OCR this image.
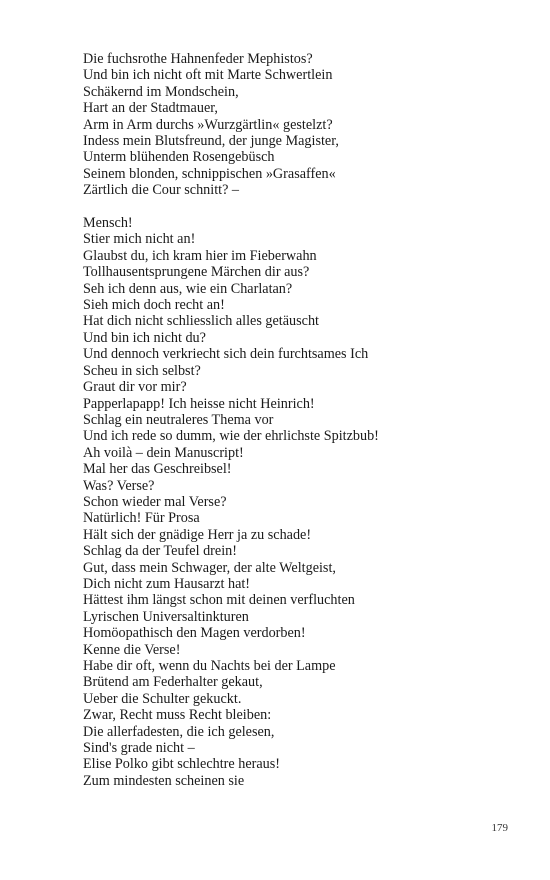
Die fuchsrothe Hahnenfeder Mephistos?
Und bin ich nicht oft mit Marte Schwertlein
Schäkernd im Mondschein,
Hart an der Stadtmauer,
Arm in Arm durchs »Wurzgärtlin« gestelzt?
Indess mein Blutsfreund, der junge Magister,
Unterm blühenden Rosengebüsch
Seinem blonden, schnippischen »Grasaffen«
Zärtlich die Cour schnitt? –
Mensch!
Stier mich nicht an!
Glaubst du, ich kram hier im Fieberwahn
Tollhausentsprungene Märchen dir aus?
Seh ich denn aus, wie ein Charlatan?
Sieh mich doch recht an!
Hat dich nicht schliesslich alles getäuscht
Und bin ich nicht du?
Und dennoch verkriecht sich dein furchtsames Ich
Scheu in sich selbst?
Graut dir vor mir?
Papperlapapp! Ich heisse nicht Heinrich!
Schlag ein neutraleres Thema vor
Und ich rede so dumm, wie der ehrlichste Spitzbub!
Ah voilà – dein Manuscript!
Mal her das Geschreibsel!
Was? Verse?
Schon wieder mal Verse?
Natürlich! Für Prosa
Hält sich der gnädige Herr ja zu schade!
Schlag da der Teufel drein!
Gut, dass mein Schwager, der alte Weltgeist,
Dich nicht zum Hausarzt hat!
Hättest ihm längst schon mit deinen verfluchten
Lyrischen Universaltinkturen
Homöopathisch den Magen verdorben!
Kenne die Verse!
Habe dir oft, wenn du Nachts bei der Lampe
Brütend am Federhalter gekaut,
Ueber die Schulter gekuckt.
Zwar, Recht muss Recht bleiben:
Die allerfadesten, die ich gelesen,
Sind's grade nicht –
Elise Polko gibt schlechtre heraus!
Zum mindesten scheinen sie
179
